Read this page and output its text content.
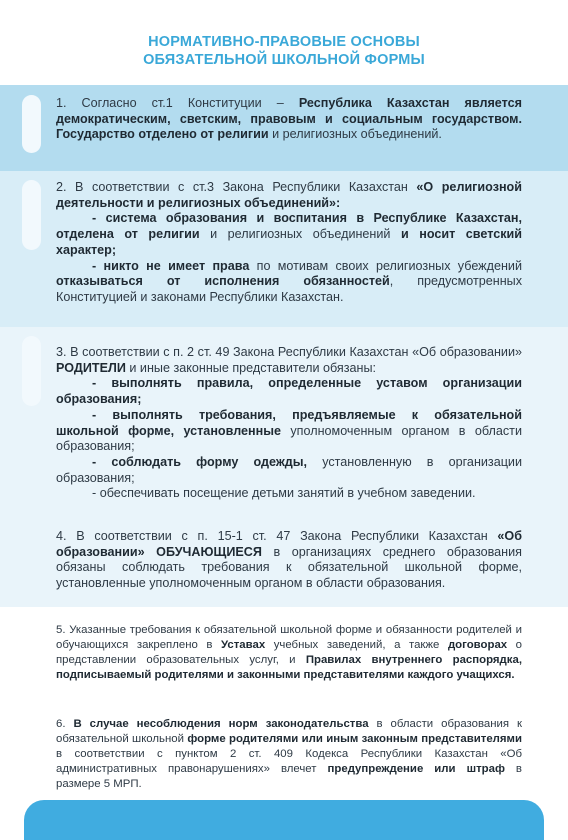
НОРМАТИВНО-ПРАВОВЫЕ ОСНОВЫ
ОБЯЗАТЕЛЬНОЙ ШКОЛЬНОЙ ФОРМЫ

1. Согласно ст.1 Конституции – Республика Казахстан является демократическим, светским, правовым и социальным государством. Государство отделено от религии и религиозных объединений.

2. В соответствии с ст.3 Закона Республики Казахстан «О религиозной деятельности и религиозных объединений»:
- система образования и воспитания в Республике Казахстан, отделена от религии и религиозных объединений и носит светский характер;
- никто не имеет права по мотивам своих религиозных убеждений отказываться от исполнения обязанностей, предусмотренных Конституцией и законами Республики Казахстан.
3. В соответствии с п. 2 ст. 49 Закона Республики Казахстан «Об образовании» РОДИТЕЛИ и иные законные представители обязаны:
- выполнять правила, определенные уставом организации образования;
- выполнять требования, предъявляемые к обязательной школьной форме, установленные уполномоченным органом в области образования;
- соблюдать форму одежды, установленную в организации образования;
- обеспечивать посещение детьми занятий в учебном заведении.

4. В соответствии с п. 15-1 ст. 47 Закона Республики Казахстан «Об образовании» ОБУЧАЮЩИЕСЯ в организациях среднего образования обязаны соблюдать требования к обязательной школьной форме, установленные уполномоченным органом в области образования.

5. Указанные требования к обязательной школьной форме и обязанности родителей и обучающихся закреплено в Уставах учебных заведений, а также договорах о представлении образовательных услуг, и Правилах внутреннего распорядка, подписываемый родителями и законными представителями каждого учащихся.

6. В случае несоблюдения норм законодательства в области образования к обязательной школьной форме родителями или иным законным представителями в соответствии с пунктом 2 ст. 409 Кодекса Республики Казахстан «Об административных правонарушениях» влечет предупреждение или штраф в размере 5 МРП.
